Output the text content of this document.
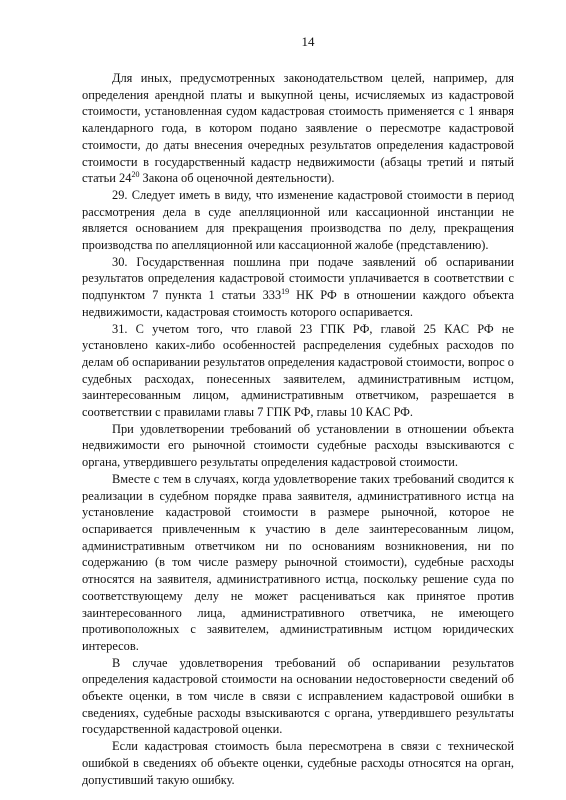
14

Для иных, предусмотренных законодательством целей, например, для определения арендной платы и выкупной цены, исчисляемых из кадастровой стоимости, установленная судом кадастровая стоимость применяется с 1 января календарного года, в котором подано заявление о пересмотре кадастровой стоимости, до даты внесения очередных результатов определения кадастровой стоимости в государственный кадастр недвижимости (абзацы третий и пятый статьи $24^{20}$ Закона об оценочной деятельности).

29. Следует иметь в виду, что изменение кадастровой стоимости в период рассмотрения дела в суде апелляционной или кассационной инстанции не является основанием для прекращения производства по делу, прекращения производства по апелляционной или кассационной жалобе (представлению).

30. Государственная пошлина при подаче заявлений об оспаривании результатов определения кадастровой стоимости уплачивается в соответствии с подпунктом 7 пункта 1 статьи $333^{19}$ НК РФ в отношении каждого объекта недвижимости, кадастровая стоимость которого оспаривается.

31. С учетом того, что главой 23 ГПК РФ, главой 25 КАС РФ не установлено каких-либо особенностей распределения судебных расходов по делам об оспаривании результатов определения кадастровой стоимости, вопрос о судебных расходах, понесенных заявителем, административным истцом, заинтересованным лицом, административным ответчиком, разрешается в соответствии с правилами главы 7 ГПК РФ, главы 10 КАС РФ.

При удовлетворении требований об установлении в отношении объекта недвижимости его рыночной стоимости судебные расходы взыскиваются с органа, утвердившего результаты определения кадастровой стоимости.

Вместе с тем в случаях, когда удовлетворение таких требований сводится к реализации в судебном порядке права заявителя, административного истца на установление кадастровой стоимости в размере рыночной, которое не оспаривается привлеченным к участию в деле заинтересованным лицом, административным ответчиком ни по основаниям возникновения, ни по содержанию (в том числе размеру рыночной стоимости), судебные расходы относятся на заявителя, административного истца, поскольку решение суда по соответствующему делу не может расцениваться как принятое против заинтересованного лица, административного ответчика, не имеющего противоположных с заявителем, административным истцом юридических интересов.

В случае удовлетворения требований об оспаривании результатов определения кадастровой стоимости на основании недостоверности сведений об объекте оценки, в том числе в связи с исправлением кадастровой ошибки в сведениях, судебные расходы взыскиваются с органа, утвердившего результаты государственной кадастровой оценки.

Если кадастровая стоимость была пересмотрена в связи с технической ошибкой в сведениях об объекте оценки, судебные расходы относятся на орган, допустивший такую ошибку.
